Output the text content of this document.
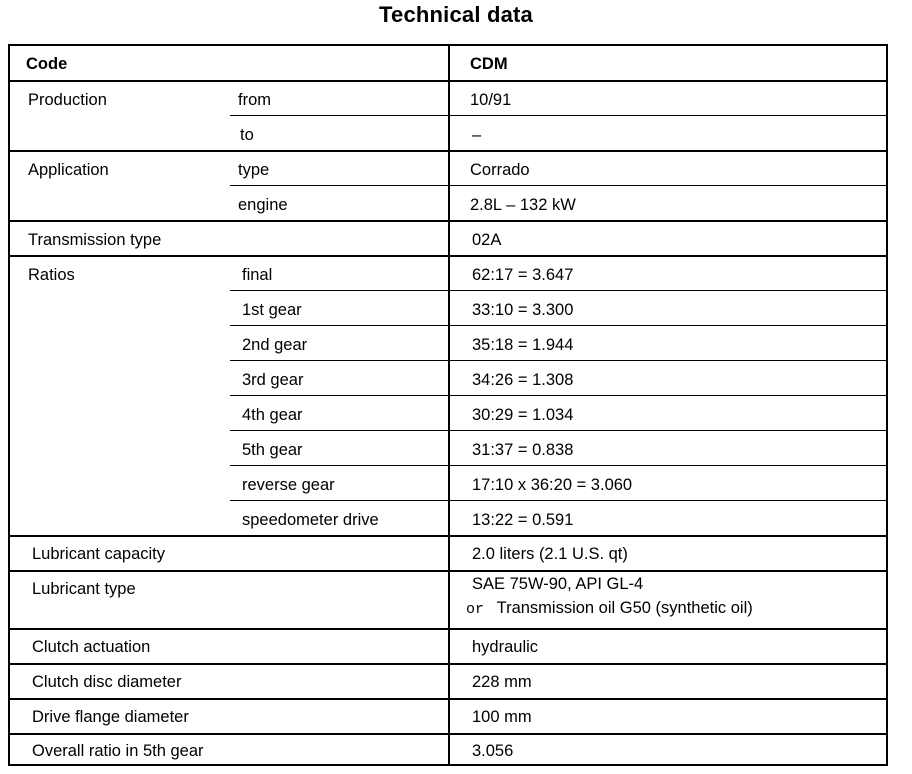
Technical data
Code	CDM
Production	from	10/91
to	–
Application	type	Corrado
engine	2.8L – 132 kW
Transmission type	02A
Ratios	final	62:17 = 3.647
1st gear	33:10 = 3.300
2nd gear	35:18 = 1.944
3rd gear	34:26 = 1.308
4th gear	30:29 = 1.034
5th gear	31:37 = 0.838
reverse gear	17:10 x 36:20 = 3.060
speedometer drive	13:22 = 0.591
Lubricant capacity	2.0 liters (2.1 U.S. qt)
Lubricant type	SAE 75W-90, API GL-4
or Transmission oil G50 (synthetic oil)
Clutch actuation	hydraulic
Clutch disc diameter	228 mm
Drive flange diameter	100 mm
Overall ratio in 5th gear	3.056
